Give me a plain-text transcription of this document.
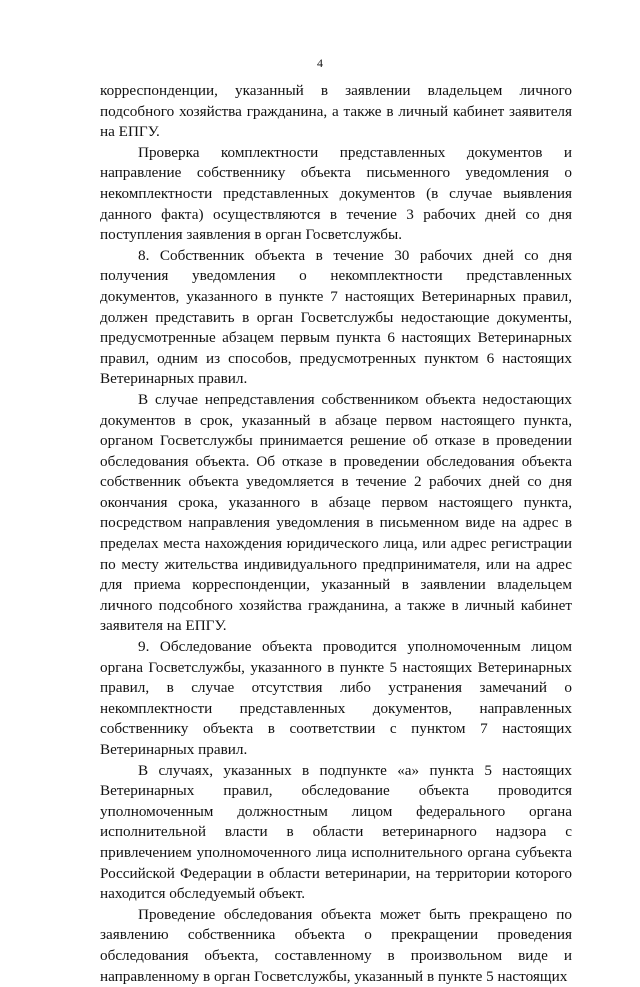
4

корреспонденции, указанный в заявлении владельцем личного подсобного хозяйства гражданина, а также в личный кабинет заявителя на ЕПГУ.

Проверка комплектности представленных документов и направление собственнику объекта письменного уведомления о некомплектности представленных документов (в случае выявления данного факта) осуществляются в течение 3 рабочих дней со дня поступления заявления в орган Госветслужбы.

8. Собственник объекта в течение 30 рабочих дней со дня получения уведомления о некомплектности представленных документов, указанного в пункте 7 настоящих Ветеринарных правил, должен представить в орган Госветслужбы недостающие документы, предусмотренные абзацем первым пункта 6 настоящих Ветеринарных правил, одним из способов, предусмотренных пунктом 6 настоящих Ветеринарных правил.

В случае непредставления собственником объекта недостающих документов в срок, указанный в абзаце первом настоящего пункта, органом Госветслужбы принимается решение об отказе в проведении обследования объекта. Об отказе в проведении обследования объекта собственник объекта уведомляется в течение 2 рабочих дней со дня окончания срока, указанного в абзаце первом настоящего пункта, посредством направления уведомления в письменном виде на адрес в пределах места нахождения юридического лица, или адрес регистрации по месту жительства индивидуального предпринимателя, или на адрес для приема корреспонденции, указанный в заявлении владельцем личного подсобного хозяйства гражданина, а также в личный кабинет заявителя на ЕПГУ.

9. Обследование объекта проводится уполномоченным лицом органа Госветслужбы, указанного в пункте 5 настоящих Ветеринарных правил, в случае отсутствия либо устранения замечаний о некомплектности представленных документов, направленных собственнику объекта в соответствии с пунктом 7 настоящих Ветеринарных правил.

В случаях, указанных в подпункте «а» пункта 5 настоящих Ветеринарных правил, обследование объекта проводится уполномоченным должностным лицом федерального органа исполнительной власти в области ветеринарного надзора с привлечением уполномоченного лица исполнительного органа субъекта Российской Федерации в области ветеринарии, на территории которого находится обследуемый объект.

Проведение обследования объекта может быть прекращено по заявлению собственника объекта о прекращении проведения обследования объекта, составленному в произвольном виде и направленному в орган Госветслужбы, указанный в пункте 5 настоящих
